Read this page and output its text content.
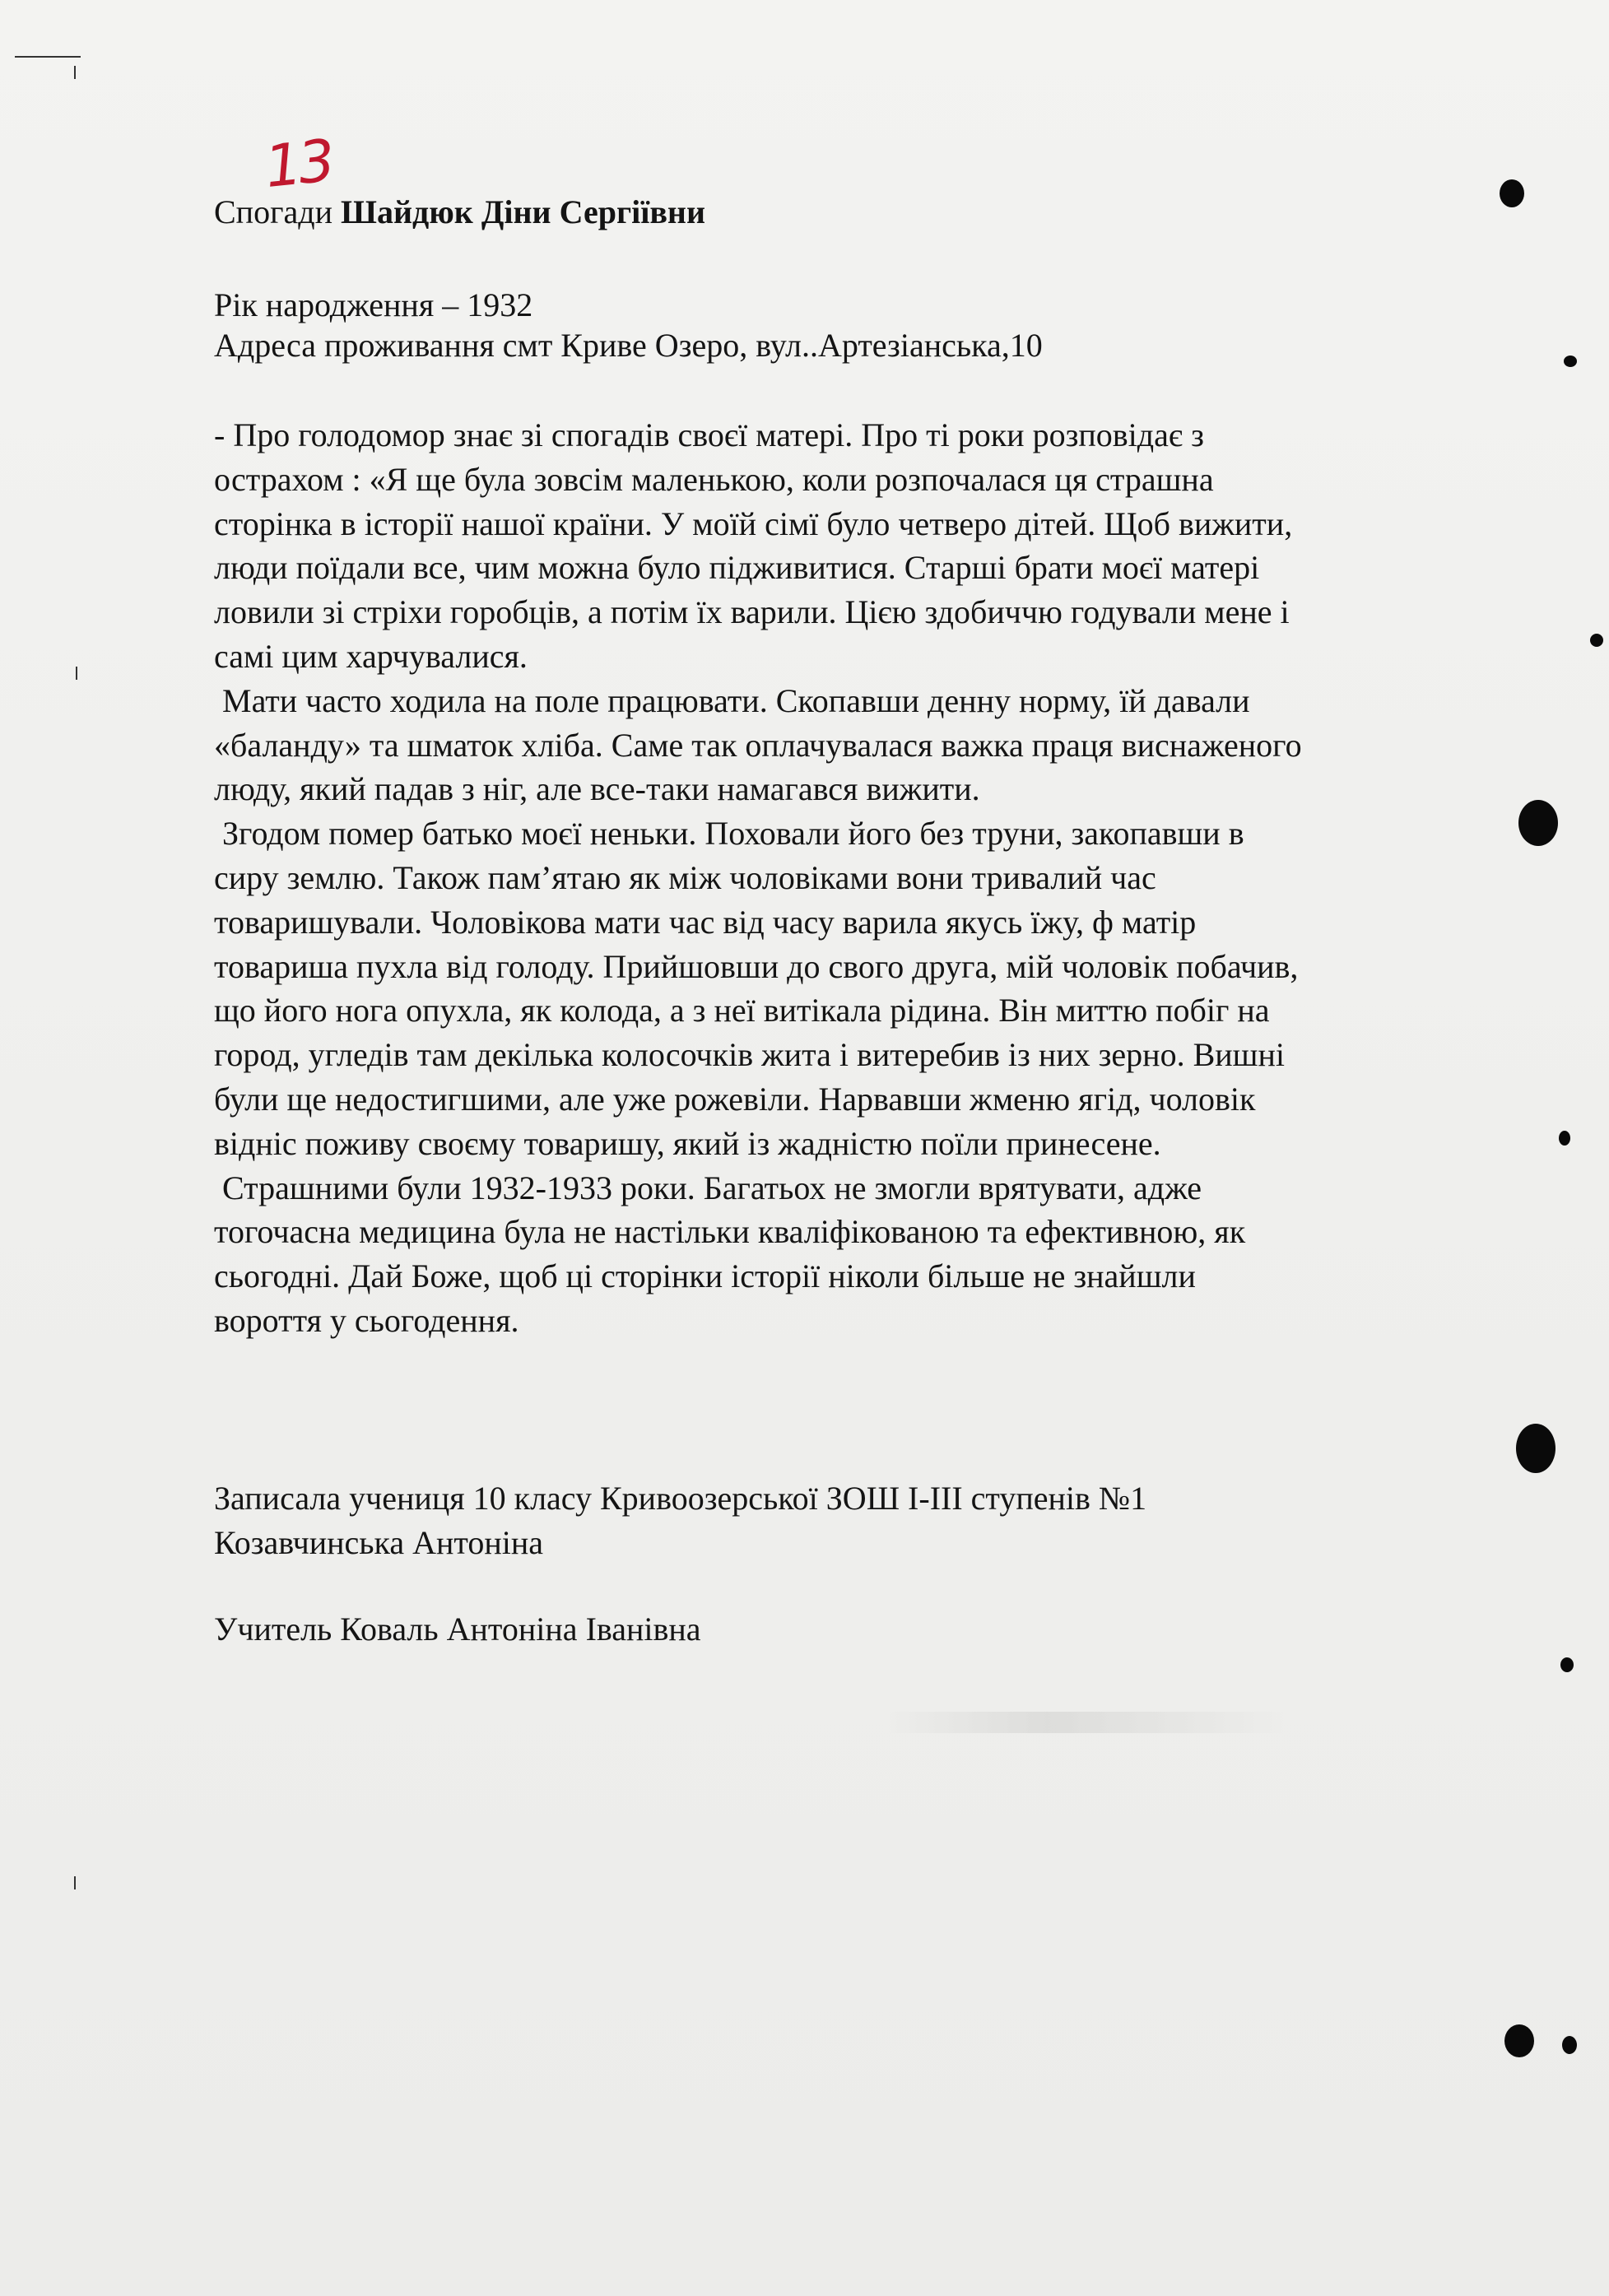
13
Спогади Шайдюк Діни Сергіївни
Рік народження – 1932
Адреса проживання смт Криве Озеро, вул..Артезіанська,10

- Про голодомор знає зі спогадів своєї матері. Про ті роки розповідає з

острахом : «Я ще була зовсім маленькою, коли розпочалася ця страшна

сторінка в історії нашої країни. У моїй сімї було четверо дітей. Щоб вижити,

люди поїдали все, чим можна було підживитися. Старші брати моєї матері

ловили зі стріхи горобців, а потім їх варили. Цією здобиччю годували мене і

самі цим харчувалися.

Мати часто ходила на поле працювати. Скопавши денну норму, їй давали

«баланду» та шматок хліба. Саме так оплачувалася важка праця виснаженого

люду, який падав з ніг, але все-таки намагався вижити.

Згодом помер батько моєї неньки. Поховали його без труни, закопавши в

сиру землю. Також пам’ятаю як між чоловіками вони тривалий час

товаришували. Чоловікова мати час від часу варила якусь їжу, ф матір

товариша пухла від голоду. Прийшовши до свого друга, мій чоловік побачив,

що його нога опухла, як колода, а з неї витікала рідина. Він миттю побіг на

город, угледів там декілька колосочків жита і витеребив із них зерно. Вишні

були ще недостигшими, але уже рожевіли. Нарвавши жменю ягід, чоловік

відніс поживу своєму товаришу, який із жадністю поїли принесене.

Страшними були 1932-1933 роки. Багатьох не змогли врятувати, адже

тогочасна медицина була не настільки кваліфікованою та ефективною, як

сьогодні. Дай Боже, щоб ці сторінки історії ніколи більше не знайшли

вороття у сьогодення.

Записала учениця 10 класу Кривоозерської ЗОШ І-ІІІ ступенів №1
Козавчинська Антоніна
Учитель Коваль Антоніна Іванівна
